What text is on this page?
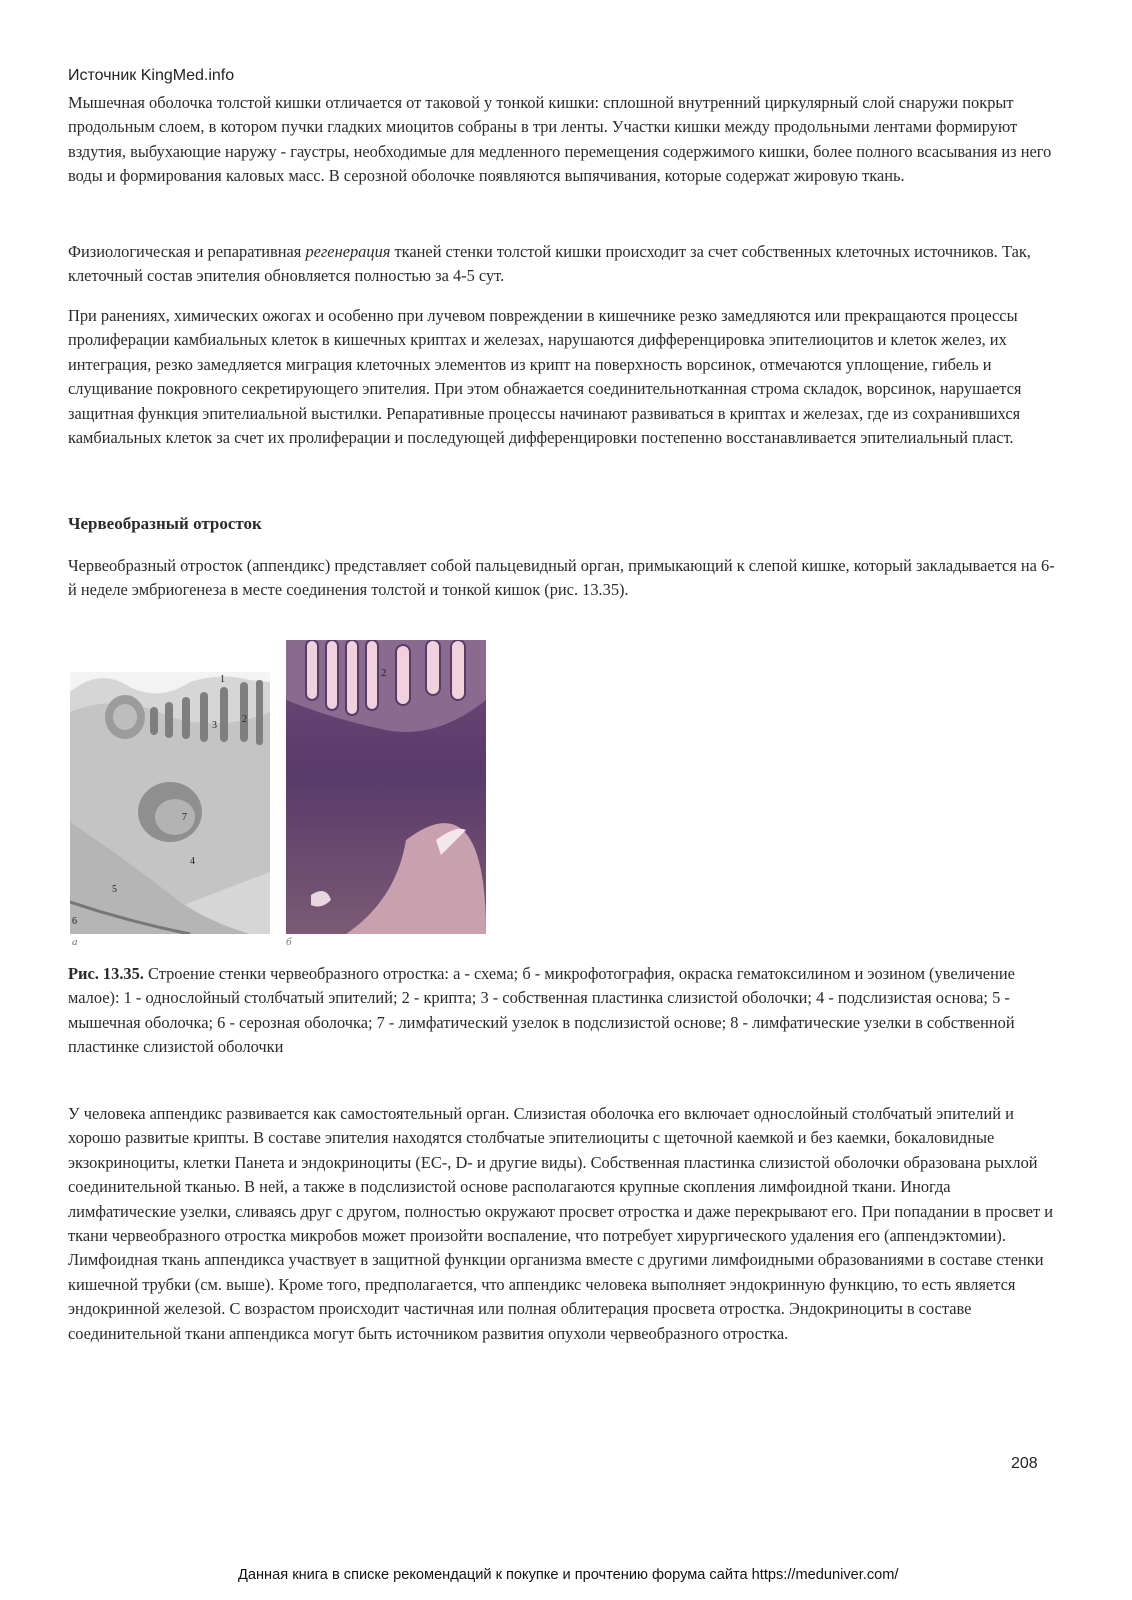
Источник KingMed.info

Мышечная оболочка толстой кишки отличается от таковой у тонкой кишки: сплошной внутренний циркулярный слой снаружи покрыт продольным слоем, в котором пучки гладких миоцитов собраны в три ленты. Участки кишки между продольными лентами формируют вздутия, выбухающие наружу - гаустры, необходимые для медленного перемещения содержимого кишки, более полного всасывания из него воды и формирования каловых масс. В серозной оболочке появляются выпячивания, которые содержат жировую ткань.

Физиологическая и репаративная регенерация тканей стенки толстой кишки происходит за счет собственных клеточных источников. Так, клеточный состав эпителия обновляется полностью за 4-5 сут.

При ранениях, химических ожогах и особенно при лучевом повреждении в кишечнике резко замедляются или прекращаются процессы пролиферации камбиальных клеток в кишечных криптах и железах, нарушаются дифференцировка эпителиоцитов и клеток желез, их интеграция, резко замедляется миграция клеточных элементов из крипт на поверхность ворсинок, отмечаются уплощение, гибель и слущивание покровного секретирующего эпителия. При этом обнажается соединительнотканная строма складок, ворсинок, нарушается защитная функция эпителиальной выстилки. Репаративные процессы начинают развиваться в криптах и железах, где из сохранившихся камбиальных клеток за счет их пролиферации и последующей дифференцировки постепенно восстанавливается эпителиальный пласт.

Червеобразный отросток

Червеобразный отросток (аппендикс) представляет собой пальцевидный орган, примыкающий к слепой кишке, который закладывается на 6-й неделе эмбриогенеза в месте соединения толстой и тонкой кишок (рис. 13.35).

1
2
3
4
5
6
7
а
2
б

Рис. 13.35. Строение стенки червеобразного отростка: а - схема; б - микрофотография, окраска гематоксилином и эозином (увеличение малое): 1 - однослойный столбчатый эпителий; 2 - крипта; 3 - собственная пластинка слизистой оболочки; 4 - подслизистая основа; 5 - мышечная оболочка; 6 - серозная оболочка; 7 - лимфатический узелок в подслизистой основе; 8 - лимфатические узелки в собственной пластинке слизистой оболочки

У человека аппендикс развивается как самостоятельный орган. Слизистая оболочка его включает однослойный столбчатый эпителий и хорошо развитые крипты. В составе эпителия находятся столбчатые эпителиоциты с щеточной каемкой и без каемки, бокаловидные экзокриноциты, клетки Панета и эндокриноциты (ЕС-, D- и другие виды). Собственная пластинка слизистой оболочки образована рыхлой соединительной тканью. В ней, а также в подслизистой основе располагаются крупные скопления лимфоидной ткани. Иногда лимфатические узелки, сливаясь друг с другом, полностью окружают просвет отростка и даже перекрывают его. При попадании в просвет и ткани червеобразного отростка микробов может произойти воспаление, что потребует хирургического удаления его (аппендэктомии). Лимфоидная ткань аппендикса участвует в защитной функции организма вместе с другими лимфоидными образованиями в составе стенки кишечной трубки (см. выше). Кроме того, предполагается, что аппендикс человека выполняет эндокринную функцию, то есть является эндокринной железой. С возрастом происходит частичная или полная облитерация просвета отростка. Эндокриноциты в составе соединительной ткани аппендикса могут быть источником развития опухоли червеобразного отростка.

208
Данная книга в списке рекомендаций к покупке и прочтению форума сайта https://meduniver.com/
